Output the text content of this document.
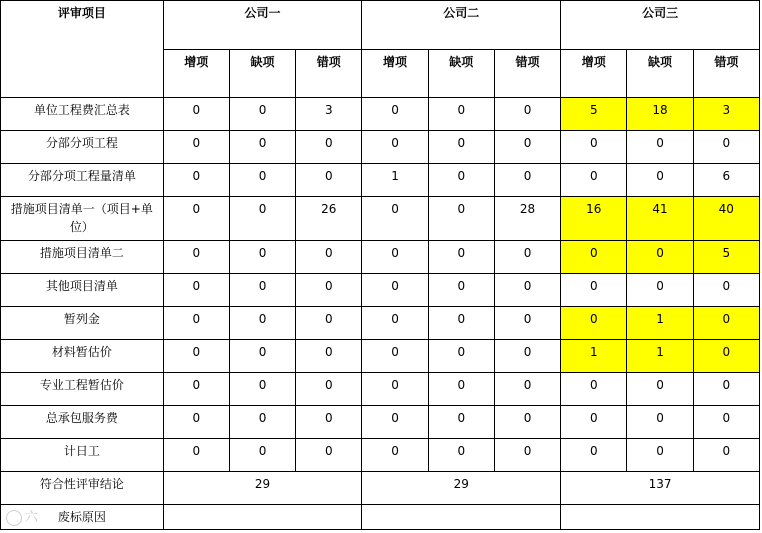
评审项目	公司一			公司二			公司三		
	增项	缺项	错项	增项	缺项	错项	增项	缺项	错项
单位工程费汇总表	0	0	3	0	0	0	5	18	3
分部分项工程	0	0	0	0	0	0	0	0	0
分部分项工程量清单	0	0	0	1	0	0	0	0	6
措施项目清单一（项目+单位）	0	0	26	0	0	28	16	41	40
措施项目清单二	0	0	0	0	0	0	0	0	5
其他项目清单	0	0	0	0	0	0	0	0	0
暂列金	0	0	0	0	0	0	0	1	0
材料暂估价	0	0	0	0	0	0	1	1	0
专业工程暂估价	0	0	0	0	0	0	0	0	0
总承包服务费	0	0	0	0	0	0	0	0	0
计日工	0	0	0	0	0	0	0	0	0
符合性评审结论	29			29			137		
废标原因									
六
